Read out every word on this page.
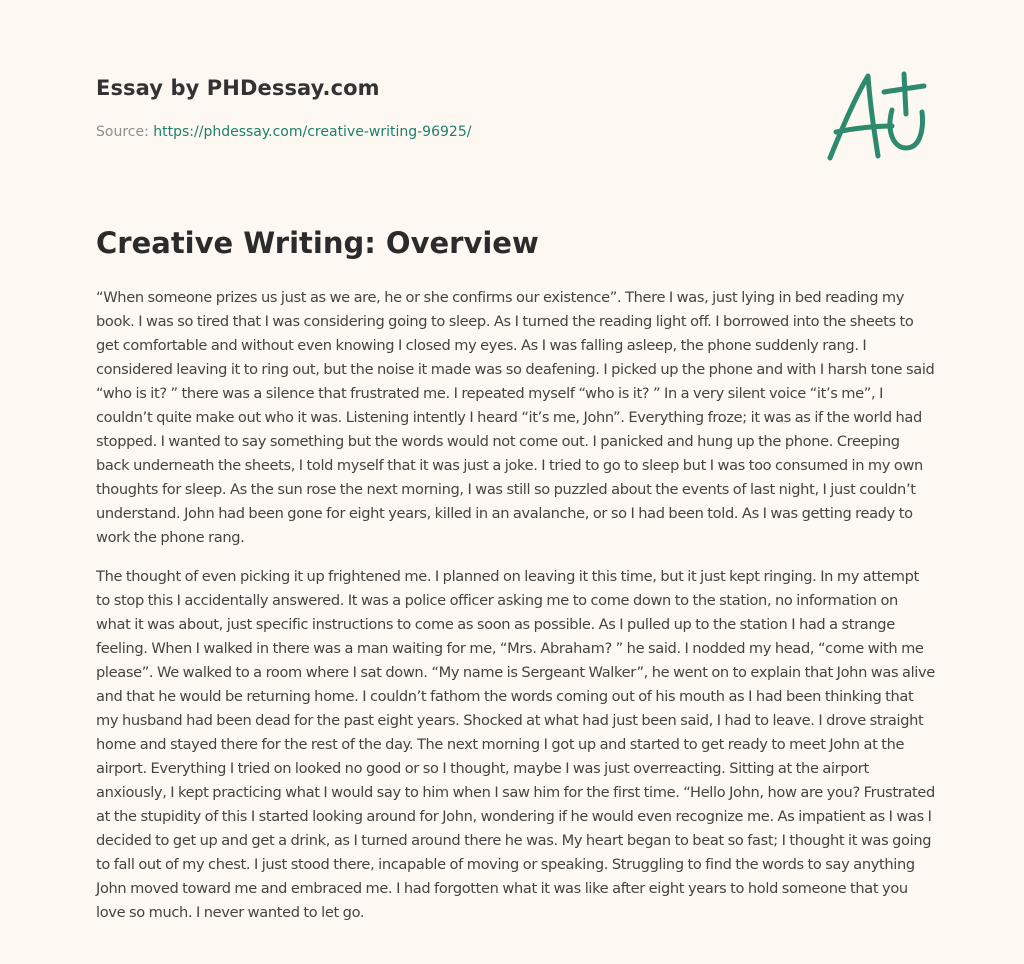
Essay by PHDessay.com
Source: https://phdessay.com/creative-writing-96925/
Creative Writing: Overview

“When someone prizes us just as we are, he or she confirms our existence”. There I was, just lying in bed reading my book. I was so tired that I was considering going to sleep. As I turned the reading light off. I borrowed into the sheets to get comfortable and without even knowing I closed my eyes. As I was falling asleep, the phone suddenly rang. I considered leaving it to ring out, but the noise it made was so deafening. I picked up the phone and with I harsh tone said “who is it? ” there was a silence that frustrated me. I repeated myself “who is it? ” In a very silent voice “it’s me”, I couldn’t quite make out who it was. Listening intently I heard “it’s me, John”. Everything froze; it was as if the world had stopped. I wanted to say something but the words would not come out. I panicked and hung up the phone. Creeping back underneath the sheets, I told myself that it was just a joke. I tried to go to sleep but I was too consumed in my own thoughts for sleep. As the sun rose the next morning, I was still so puzzled about the events of last night, I just couldn’t understand. John had been gone for eight years, killed in an avalanche, or so I had been told. As I was getting ready to work the phone rang.

The thought of even picking it up frightened me. I planned on leaving it this time, but it just kept ringing. In my attempt to stop this I accidentally answered. It was a police officer asking me to come down to the station, no information on what it was about, just specific instructions to come as soon as possible. As I pulled up to the station I had a strange feeling. When I walked in there was a man waiting for me, “Mrs. Abraham? ” he said. I nodded my head, “come with me please”. We walked to a room where I sat down. “My name is Sergeant Walker”, he went on to explain that John was alive and that he would be returning home. I couldn’t fathom the words coming out of his mouth as I had been thinking that my husband had been dead for the past eight years. Shocked at what had just been said, I had to leave. I drove straight home and stayed there for the rest of the day. The next morning I got up and started to get ready to meet John at the airport. Everything I tried on looked no good or so I thought, maybe I was just overreacting. Sitting at the airport anxiously, I kept practicing what I would say to him when I saw him for the first time. “Hello John, how are you? Frustrated at the stupidity of this I started looking around for John, wondering if he would even recognize me. As impatient as I was I decided to get up and get a drink, as I turned around there he was. My heart began to beat so fast; I thought it was going to fall out of my chest. I just stood there, incapable of moving or speaking. Struggling to find the words to say anything John moved toward me and embraced me. I had forgotten what it was like after eight years to hold someone that you love so much. I never wanted to let go.
